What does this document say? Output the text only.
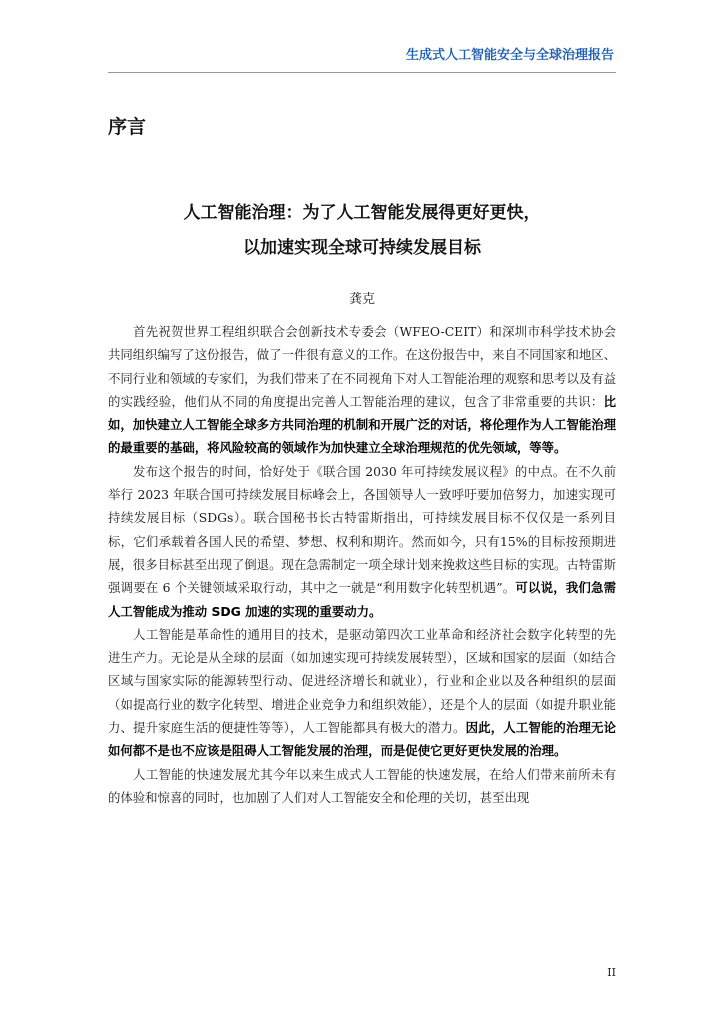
生成式人工智能安全与全球治理报告
序言
人工智能治理：为了人工智能发展得更好更快，
以加速实现全球可持续发展目标
龚克

首先祝贺世界工程组织联合会创新技术专委会（WFEO-CEIT）和深圳市科学技术协会共同组织编写了这份报告，做了一件很有意义的工作。在这份报告中，来自不同国家和地区、不同行业和领域的专家们，为我们带来了在不同视角下对人工智能治理的观察和思考以及有益的实践经验，他们从不同的角度提出完善人工智能治理的建议，包含了非常重要的共识：比如，加快建立人工智能全球多方共同治理的机制和开展广泛的对话，将伦理作为人工智能治理的最重要的基础，将风险较高的领域作为加快建立全球治理规范的优先领域，等等。

发布这个报告的时间，恰好处于《联合国 2030 年可持续发展议程》的中点。在不久前举行 2023 年联合国可持续发展目标峰会上，各国领导人一致呼吁要加倍努力，加速实现可持续发展目标（SDGs）。联合国秘书长古特雷斯指出，可持续发展目标不仅仅是一系列目标，它们承载着各国人民的希望、梦想、权利和期许。然而如今，只有15%的目标按预期进展，很多目标甚至出现了倒退。现在急需制定一项全球计划来挽救这些目标的实现。古特雷斯强调要在 6 个关键领域采取行动，其中之一就是“利用数字化转型机遇”。可以说，我们急需人工智能成为推动 SDG 加速的实现的重要动力。

人工智能是革命性的通用目的技术，是驱动第四次工业革命和经济社会数字化转型的先进生产力。无论是从全球的层面（如加速实现可持续发展转型），区域和国家的层面（如结合区域与国家实际的能源转型行动、促进经济增长和就业），行业和企业以及各种组织的层面（如提高行业的数字化转型、增进企业竞争力和组织效能），还是个人的层面（如提升职业能力、提升家庭生活的便捷性等等），人工智能都具有极大的潜力。因此，人工智能的治理无论如何都不是也不应该是阻碍人工智能发展的治理，而是促使它更好更快发展的治理。

人工智能的快速发展尤其今年以来生成式人工智能的快速发展，在给人们带来前所未有的体验和惊喜的同时，也加剧了人们对人工智能安全和伦理的关切，甚至出现

II
